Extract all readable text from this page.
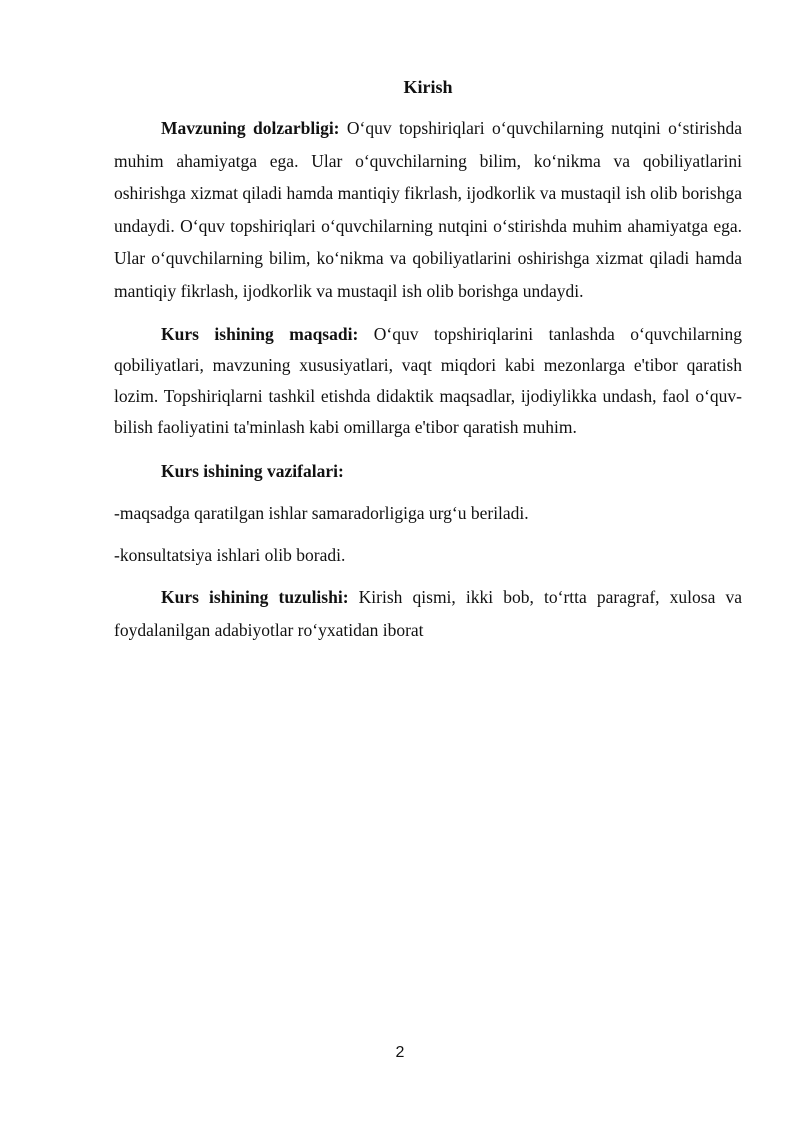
Kirish

Mavzuning dolzarbligi: O‘quv topshiriqlari o‘quvchilarning nutqini o‘stirishda muhim ahamiyatga ega. Ular o‘quvchilarning bilim, ko‘nikma va qobiliyatlarini oshirishga xizmat qiladi hamda mantiqiy fikrlash, ijodkorlik va mustaqil ish olib borishga undaydi. O‘quv topshiriqlari o‘quvchilarning nutqini o‘stirishda muhim ahamiyatga ega. Ular o‘quvchilarning bilim, ko‘nikma va qobiliyatlarini oshirishga xizmat qiladi hamda mantiqiy fikrlash, ijodkorlik va mustaqil ish olib borishga undaydi.

Kurs ishining maqsadi: O‘quv topshiriqlarini tanlashda o‘quvchilarning qobiliyatlari, mavzuning xususiyatlari, vaqt miqdori kabi mezonlarga e'tibor qaratish lozim. Topshiriqlarni tashkil etishda didaktik maqsadlar, ijodiylikka undash, faol o‘quv-bilish faoliyatini ta'minlash kabi omillarga e'tibor qaratish muhim.

Kurs ishining vazifalari:

-maqsadga qaratilgan ishlar samaradorligiga urg‘u beriladi.

-konsultatsiya ishlari olib boradi.

Kurs ishining tuzulishi: Kirish qismi, ikki bob, to‘rtta paragraf, xulosa va foydalanilgan adabiyotlar ro‘yxatidan iborat

2
